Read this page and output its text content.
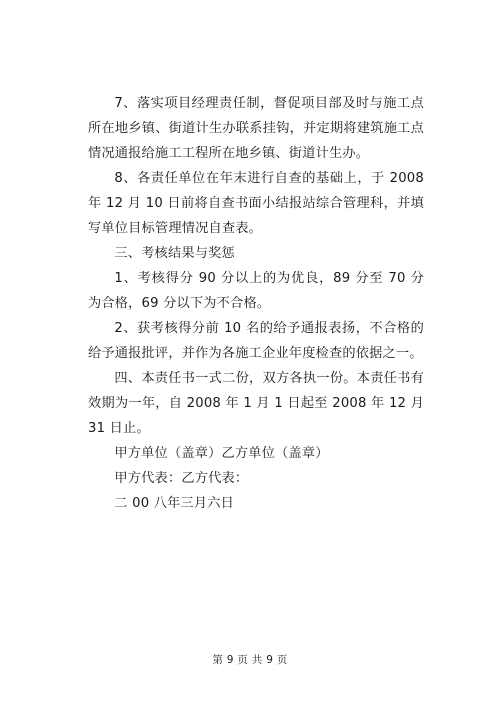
7、落实项目经理责任制，督促项目部及时与施工点所在地乡镇、街道计生办联系挂钩，并定期将建筑施工点情况通报给施工工程所在地乡镇、街道计生办。

8、各责任单位在年末进行自查的基础上，于 2008 年 12 月 10 日前将自查书面小结报站综合管理科，并填写单位目标管理情况自查表。

三、考核结果与奖惩

1、考核得分 90 分以上的为优良，89 分至 70 分为合格，69 分以下为不合格。

2、获考核得分前 10 名的给予通报表扬，不合格的给予通报批评，并作为各施工企业年度检查的依据之一。

四、本责任书一式二份，双方各执一份。本责任书有效期为一年，自 2008 年 1 月 1 日起至 2008 年 12 月 31 日止。

甲方单位（盖章）乙方单位（盖章）

甲方代表：乙方代表：

二 00 八年三月六日

第 9 页 共 9 页
